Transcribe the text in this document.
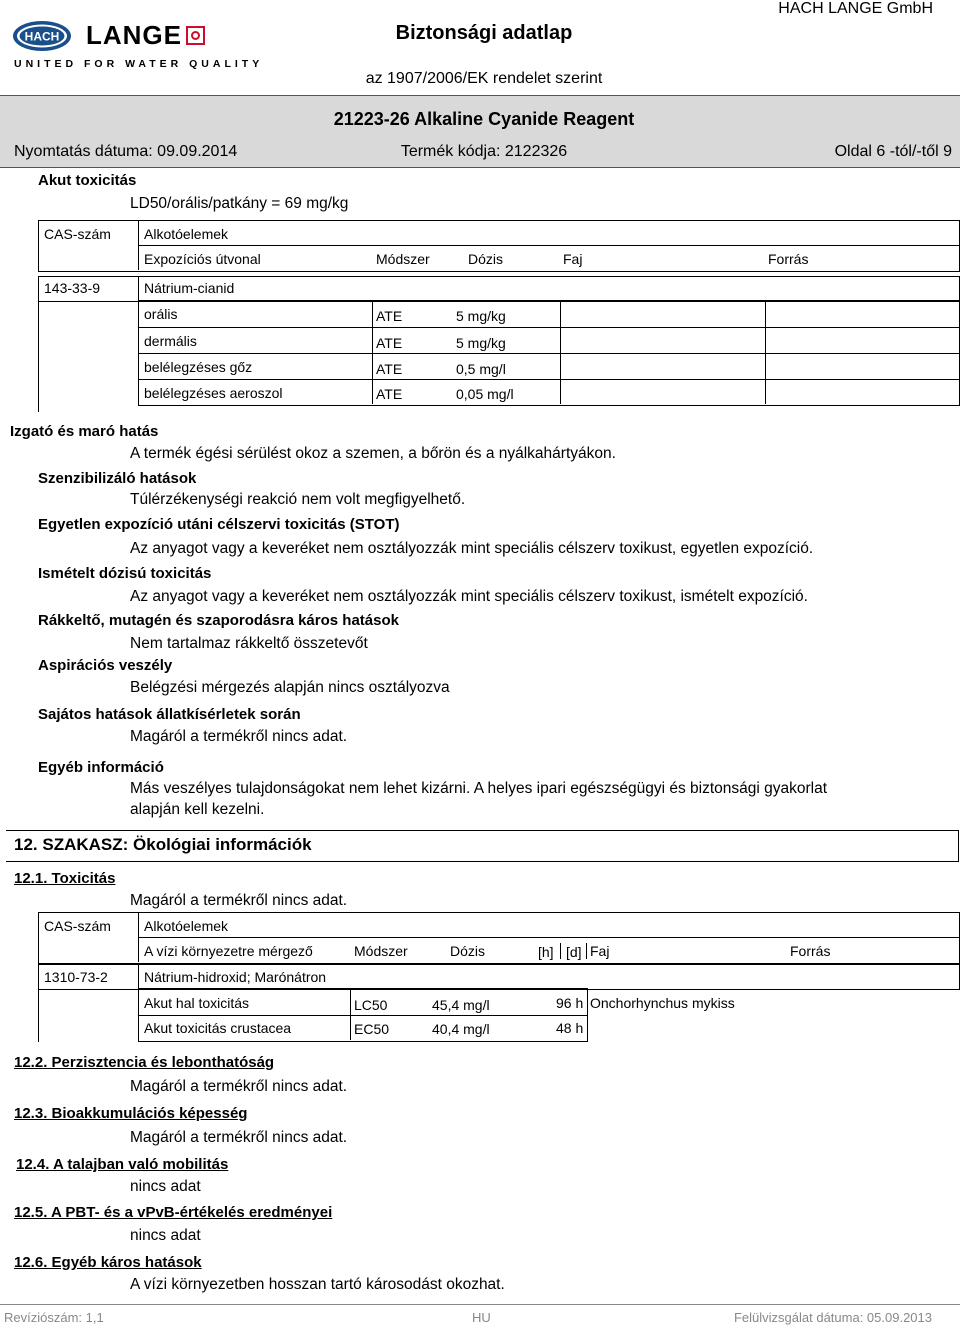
HACH LANGE
UNITED FOR WATER QUALITY
Biztonsági adatlap
HACH LANGE GmbH
az 1907/2006/EK rendelet szerint
21223-26 Alkaline Cyanide Reagent
Nyomtatás dátuma: 09.09.2014	Termék kódja: 2122326	Oldal 6 -tól/-től 9
Akut toxicitás
LD50/orális/patkány = 69 mg/kg
CAS-szám Alkotóelemek
Expozíciós útvonal	Módszer	Dózis	Faj	Forrás
143-33-9	Nátrium-cianid
orális	ATE	5 mg/kg
dermális	ATE	5 mg/kg
belélegzéses gőz	ATE	0,5 mg/l
belélegzéses aeroszol	ATE	0,05 mg/l
Izgató és maró hatás
A termék égési sérülést okoz a szemen, a bőrön és a nyálkahártyákon.
Szenzibilizáló hatások
Túlérzékenységi reakció nem volt megfigyelhető.
Egyetlen expozíció utáni célszervi toxicitás (STOT)
Az anyagot vagy a keveréket nem osztályozzák mint speciális célszerv toxikust, egyetlen expozíció.
Ismételt dózisú toxicitás
Az anyagot vagy a keveréket nem osztályozzák mint speciális célszerv toxikust, ismételt expozíció.
Rákkeltő, mutagén és szaporodásra káros hatások
Nem tartalmaz rákkeltő összetevőt
Aspirációs veszély
Belégzési mérgezés alapján nincs osztályozva
Sajátos hatások állatkísérletek során
Magáról a termékről nincs adat.
Egyéb információ
Más veszélyes tulajdonságokat nem lehet kizárni. A helyes ipari egészségügyi és biztonsági gyakorlat
alapján kell kezelni.
12. SZAKASZ: Ökológiai információk
12.1. Toxicitás
Magáról a termékről nincs adat.
CAS-szám Alkotóelemek
A vízi környezetre mérgező	Módszer	Dózis	[h] [d] Faj	Forrás
1310-73-2	Nátrium-hidroxid; Marónátron
Akut hal toxicitás	LC50	45,4 mg/l	96 h Onchorhynchus mykiss
Akut toxicitás crustacea	EC50	40,4 mg/l	48 h
12.2. Perzisztencia és lebonthatóság
Magáról a termékről nincs adat.
12.3. Bioakkumulációs képesség
Magáról a termékről nincs adat.
12.4. A talajban való mobilitás
nincs adat
12.5. A PBT- és a vPvB-értékelés eredményei
nincs adat
12.6. Egyéb káros hatások
A vízi környezetben hosszan tartó károsodást okozhat.
Revíziószám: 1,1	HU	Felülvizsgálat dátuma: 05.09.2013
